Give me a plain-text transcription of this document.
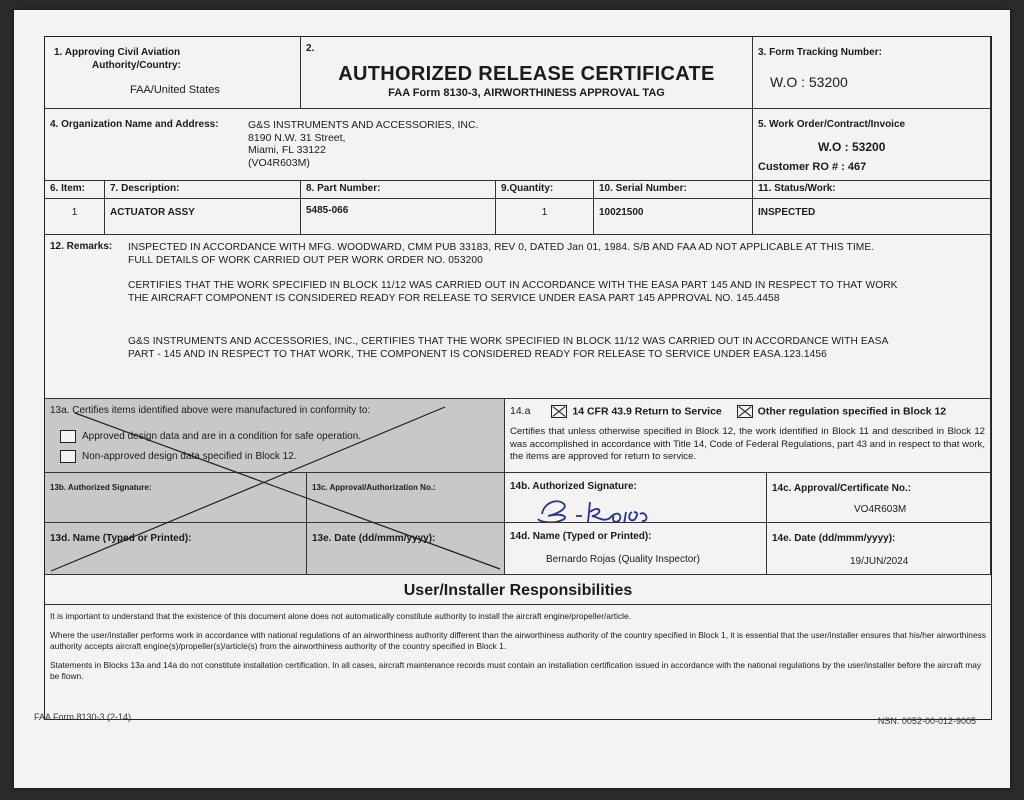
1. Approving Civil Aviation
Authority/Country:
FAA/United States
2.
AUTHORIZED RELEASE CERTIFICATE
FAA Form 8130-3, AIRWORTHINESS APPROVAL TAG
3. Form Tracking Number:
W.O : 53200
4. Organization Name and Address:	G&S INSTRUMENTS AND ACCESSORIES, INC.
8190 N.W. 31 Street,
Miami, FL 33122
(VO4R603M)
5. Work Order/Contract/Invoice
W.O : 53200
Customer RO # : 467
6. Item:	7. Description:	8. Part Number:	9.Quantity:	10. Serial Number:	11. Status/Work:
1	ACTUATOR ASSY	5485-066	1	10021500	INSPECTED
12. Remarks:	INSPECTED IN ACCORDANCE WITH MFG. WOODWARD, CMM PUB 33183, REV 0, DATED Jan 01, 1984. S/B AND FAA AD NOT APPLICABLE AT THIS TIME.
FULL DETAILS OF WORK CARRIED OUT PER WORK ORDER NO. 053200
CERTIFIES THAT THE WORK SPECIFIED IN BLOCK 11/12 WAS CARRIED OUT IN ACCORDANCE WITH THE EASA PART 145 AND IN RESPECT TO THAT WORK
THE AIRCRAFT COMPONENT IS CONSIDERED READY FOR RELEASE TO SERVICE UNDER EASA PART 145 APPROVAL NO. 145.4458
G&S INSTRUMENTS AND ACCESSORIES, INC., CERTIFIES THAT THE WORK SPECIFIED IN BLOCK 11/12 WAS CARRIED OUT IN ACCORDANCE WITH EASA
PART - 145 AND IN RESPECT TO THAT WORK, THE COMPONENT IS CONSIDERED READY FOR RELEASE TO SERVICE UNDER EASA.123.1456
13a. Certifies items identified above were manufactured in conformity to:
Approved design data and are in a condition for safe operation.
Non-approved design data specified in Block 12.
14.a	14 CFR 43.9 Return to Service	Other regulation specified in Block 12
Certifies that unless otherwise specified in Block 12, the work identified in Block 11 and described in Block 12 was accomplished in accordance with Title 14, Code of Federal Regulations, part 43 and in respect to that work, the items are approved for return to service.
13b. Authorized Signature:	13c. Approval/Authorization No.:	14b. Authorized Signature:	14c. Approval/Certificate No.:
VO4R603M
13d. Name (Typed or Printed):	13e. Date (dd/mmm/yyyy):	14d. Name (Typed or Printed):
Bernardo Rojas (Quality Inspector)
14e. Date (dd/mmm/yyyy):
19/JUN/2024
User/Installer Responsibilities
It is important to understand that the existence of this document alone does not automatically constitute authority to install the aircraft engine/propeller/article.
Where the user/installer performs work in accordance with national regulations of an airworthiness authority different than the airworthiness authority of the country specified in Block 1, it is essential that the user/installer ensures that his/her airworthiness authority accepts aircraft engine(s)/propeller(s)/article(s) from the airworthiness authority of the country specified in Block 1.
Statements in Blocks 13a and 14a do not constitute installation certification. In all cases, aircraft maintenance records must contain an installation certification issued in accordance with the national regulations by the user/installer before the aircraft may be flown.
FAA Form 8130-3 (2-14)	NSN: 0052-00-012-9005
